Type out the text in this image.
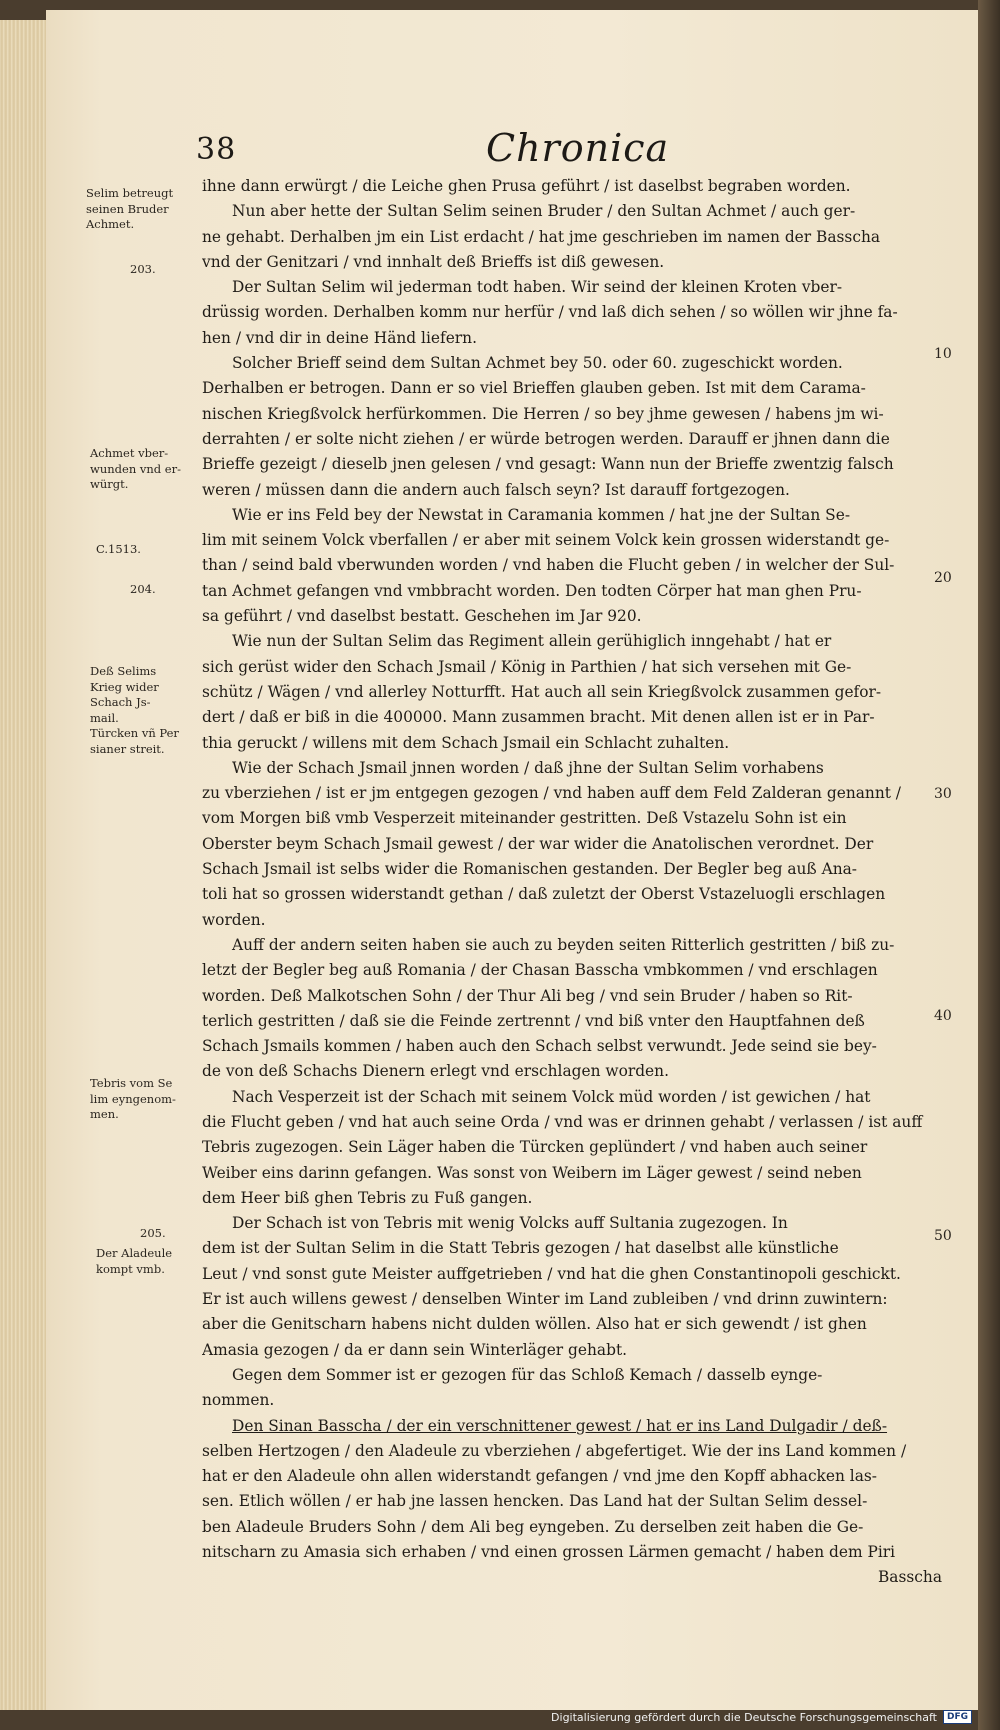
38	Chronica
ihne dann erwürgt / die Leiche ghen Prusa geführt / ist daselbst begraben worden.
Nun aber hette der Sultan Selim seinen Bruder / den Sultan Achmet / auch ger-
ne gehabt. Derhalben jm ein List erdacht / hat jme geschrieben im namen der Basscha
vnd der Genitzari / vnd innhalt deß Brieffs ist diß gewesen.
Der Sultan Selim wil jederman todt haben. Wir seind der kleinen Kroten vber-
drüssig worden. Derhalben komm nur herfür / vnd laß dich sehen / so wöllen wir jhne fa-
hen / vnd dir in deine Händ liefern.
Solcher Brieff seind dem Sultan Achmet bey 50. oder 60. zugeschickt worden.
Derhalben er betrogen. Dann er so viel Brieffen glauben geben. Ist mit dem Carama-
nischen Kriegßvolck herfürkommen. Die Herren / so bey jhme gewesen / habens jm wi-
derrahten / er solte nicht ziehen / er würde betrogen werden. Darauff er jhnen dann die
Brieffe gezeigt / dieselb jnen gelesen / vnd gesagt: Wann nun der Brieffe zwentzig falsch
weren / müssen dann die andern auch falsch seyn? Ist darauff fortgezogen.
Wie er ins Feld bey der Newstat in Caramania kommen / hat jne der Sultan Se-
lim mit seinem Volck vberfallen / er aber mit seinem Volck kein grossen widerstandt ge-
than / seind bald vberwunden worden / vnd haben die Flucht geben / in welcher der Sul-
tan Achmet gefangen vnd vmbbracht worden. Den todten Cörper hat man ghen Pru-
sa geführt / vnd daselbst bestatt. Geschehen im Jar 920.
Wie nun der Sultan Selim das Regiment allein gerühiglich inngehabt / hat er
sich gerüst wider den Schach Jsmail / König in Parthien / hat sich versehen mit Ge-
schütz / Wägen / vnd allerley Notturfft. Hat auch all sein Kriegßvolck zusammen gefor-
dert / daß er biß in die 400000. Mann zusammen bracht. Mit denen allen ist er in Par-
thia geruckt / willens mit dem Schach Jsmail ein Schlacht zuhalten.
Wie der Schach Jsmail jnnen worden / daß jhne der Sultan Selim vorhabens
zu vberziehen / ist er jm entgegen gezogen / vnd haben auff dem Feld Zalderan genannt /
vom Morgen biß vmb Vesperzeit miteinander gestritten. Deß Vstazelu Sohn ist ein
Oberster beym Schach Jsmail gewest / der war wider die Anatolischen verordnet. Der
Schach Jsmail ist selbs wider die Romanischen gestanden. Der Begler beg auß Ana-
toli hat so grossen widerstandt gethan / daß zuletzt der Oberst Vstazeluogli erschlagen
worden.
Auff der andern seiten haben sie auch zu beyden seiten Ritterlich gestritten / biß zu-
letzt der Begler beg auß Romania / der Chasan Basscha vmbkommen / vnd erschlagen
worden. Deß Malkotschen Sohn / der Thur Ali beg / vnd sein Bruder / haben so Rit-
terlich gestritten / daß sie die Feinde zertrennt / vnd biß vnter den Hauptfahnen deß
Schach Jsmails kommen / haben auch den Schach selbst verwundt. Jede seind sie bey-
de von deß Schachs Dienern erlegt vnd erschlagen worden.
Nach Vesperzeit ist der Schach mit seinem Volck müd worden / ist gewichen / hat
die Flucht geben / vnd hat auch seine Orda / vnd was er drinnen gehabt / verlassen / ist auff
Tebris zugezogen. Sein Läger haben die Türcken geplündert / vnd haben auch seiner
Weiber eins darinn gefangen. Was sonst von Weibern im Läger gewest / seind neben
dem Heer biß ghen Tebris zu Fuß gangen.
Der Schach ist von Tebris mit wenig Volcks auff Sultania zugezogen. In
dem ist der Sultan Selim in die Statt Tebris gezogen / hat daselbst alle künstliche
Leut / vnd sonst gute Meister auffgetrieben / vnd hat die ghen Constantinopoli geschickt.
Er ist auch willens gewest / denselben Winter im Land zubleiben / vnd drinn zuwintern:
aber die Genitscharn habens nicht dulden wöllen. Also hat er sich gewendt / ist ghen
Amasia gezogen / da er dann sein Winterläger gehabt.
Gegen dem Sommer ist er gezogen für das Schloß Kemach / dasselb eynge-
nommen.
Den Sinan Basscha / der ein verschnittener gewest / hat er ins Land Dulgadir / deß-
selben Hertzogen / den Aladeule zu vberziehen / abgefertiget. Wie der ins Land kommen /
hat er den Aladeule ohn allen widerstandt gefangen / vnd jme den Kopff abhacken las-
sen. Etlich wöllen / er hab jne lassen hencken. Das Land hat der Sultan Selim dessel-
ben Aladeule Bruders Sohn / dem Ali beg eyngeben. Zu derselben zeit haben die Ge-
nitscharn zu Amasia sich erhaben / vnd einen grossen Lärmen gemacht / haben dem Piri
Basscha
Selim betreugt
seinen Bruder
Achmet.
203.
Achmet vber-
wunden vnd er-
würgt.
C.1513.
204.
Deß Selims
Krieg wider
Schach Js-
mail.
Türcken vñ Per
sianer streit.
Tebris vom Se
lim eyngenom-
men.
205.
Der Aladeule
kompt vmb.
10
20
30
40
50
Digitalisierung gefördert durch die Deutsche Forschungsgemeinschaft	DFG
